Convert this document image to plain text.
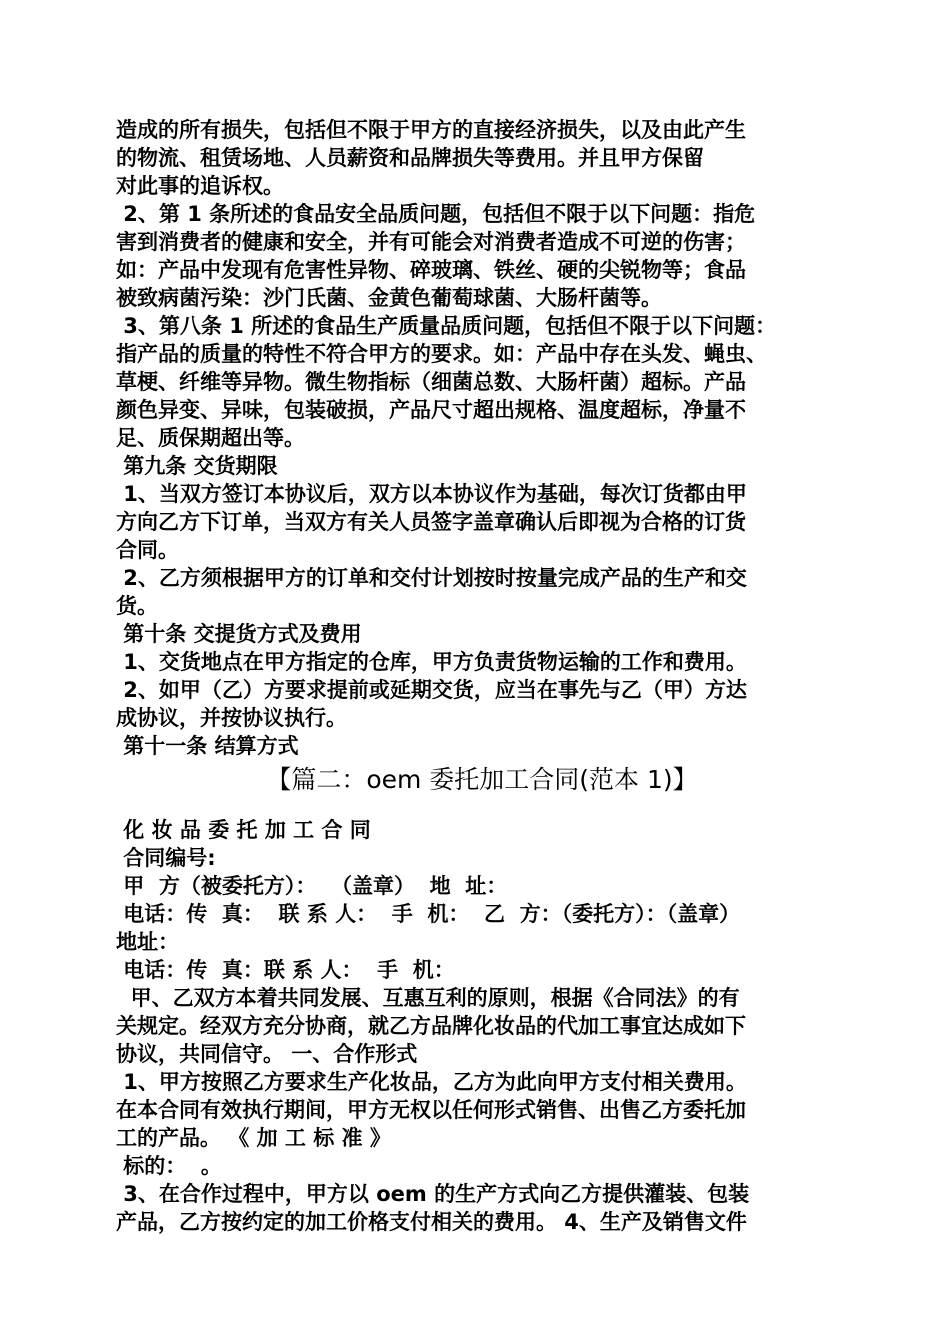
造成的所有损失，包括但不限于甲方的直接经济损失，以及由此产生
的物流、租赁场地、人员薪资和品牌损失等费用。并且甲方保留
对此事的追诉权。
2、第 1 条所述的食品安全品质问题，包括但不限于以下问题：指危
害到消费者的健康和安全，并有可能会对消费者造成不可逆的伤害；
如：产品中发现有危害性异物、碎玻璃、铁丝、硬的尖锐物等；食品
被致病菌污染：沙门氏菌、金黄色葡萄球菌、大肠杆菌等。
3、第八条 1 所述的食品生产质量品质问题，包括但不限于以下问题：
指产品的质量的特性不符合甲方的要求。如：产品中存在头发、蝇虫、
草梗、纤维等异物。微生物指标（细菌总数、大肠杆菌）超标。产品
颜色异变、异味，包装破损，产品尺寸超出规格、温度超标，净量不
足、质保期超出等。
第九条 交货期限
1、当双方签订本协议后，双方以本协议作为基础，每次订货都由甲
方向乙方下订单，当双方有关人员签字盖章确认后即视为合格的订货
合同。
2、乙方须根据甲方的订单和交付计划按时按量完成产品的生产和交
货。
第十条 交提货方式及费用
1、交货地点在甲方指定的仓库，甲方负责货物运输的工作和费用。
2、如甲（乙）方要求提前或延期交货，应当在事先与乙（甲）方达
成协议，并按协议执行。
第十一条 结算方式
【篇二：oem 委托加工合同(范本 1)】
化 妆 品 委 托 加 工 合 同
合同编号:
甲  方（被委托方）：  （盖章）  地  址：
电话：传  真：  联 系 人：  手  机：  乙  方：（委托方）：（盖章）
地址：
电话：传  真：联 系 人：  手  机：
甲、乙双方本着共同发展、互惠互利的原则，根据《合同法》的有
关规定。经双方充分协商，就乙方品牌化妆品的代加工事宜达成如下
协议，共同信守。 一、合作形式
1、甲方按照乙方要求生产化妆品，乙方为此向甲方支付相关费用。
在本合同有效执行期间，甲方无权以任何形式销售、出售乙方委托加
工的产品。 《 加 工 标 准 》
标的：  。
3、在合作过程中，甲方以 oem 的生产方式向乙方提供灌装、包装
产品，乙方按约定的加工价格支付相关的费用。 4、生产及销售文件
